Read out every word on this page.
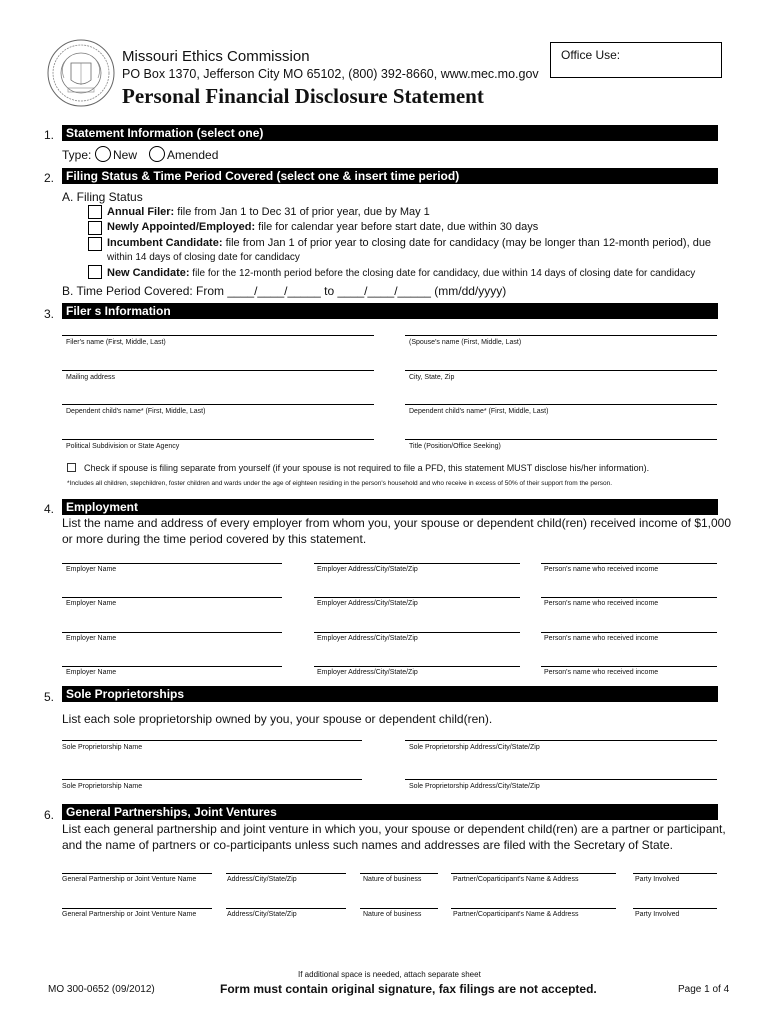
Missouri Ethics Commission
PO Box 1370, Jefferson City MO 65102, (800) 392-8660, www.mec.mo.gov
Personal Financial Disclosure Statement
Office Use:
1. Statement Information (select one)
Type: New Amended
2. Filing Status & Time Period Covered (select one & insert time period)
A. Filing Status
Annual Filer: file from Jan 1 to Dec 31 of prior year, due by May 1
Newly Appointed/Employed: file for calendar year before start date, due within 30 days
Incumbent Candidate: file from Jan 1 of prior year to closing date for candidacy (may be longer than 12-month period), due
within 14 days of closing date for candidacy
New Candidate: file for the 12-month period before the closing date for candidacy, due within 14 days of closing date for candidacy
B. Time Period Covered: From ____/____/_____ to ____/____/_____ (mm/dd/yyyy)
3. Filer s Information
Filer's name (First, Middle, Last)	(Spouse's name (First, Middle, Last)
Mailing address	City, State, Zip
Dependent child's name* (First, Middle, Last)	Dependent child's name* (First, Middle, Last)
Political Subdivision or State Agency	Title (Position/Office Seeking)
Check if spouse is filing separate from yourself (if your spouse is not required to file a PFD, this statement MUST disclose his/her information).
*Includes all children, stepchildren, foster children and wards under the age of eighteen residing in the person's household and who receive in excess of 50% of their support from the person.
4. Employment
List the name and address of every employer from whom you, your spouse or dependent child(ren) received income of $1,000
or more during the time period covered by this statement.
Employer Name	Employer Address/City/State/Zip	Person's name who received income
Employer Name	Employer Address/City/State/Zip	Person's name who received income
Employer Name	Employer Address/City/State/Zip	Person's name who received income
Employer Name	Employer Address/City/State/Zip	Person's name who received income
5. Sole Proprietorships
List each sole proprietorship owned by you, your spouse or dependent child(ren).
Sole Proprietorship Name	Sole Proprietorship Address/City/State/Zip
Sole Proprietorship Name	Sole Proprietorship Address/City/State/Zip
6. General Partnerships, Joint Ventures
List each general partnership and joint venture in which you, your spouse or dependent child(ren) are a partner or participant,
and the name of partners or co-participants unless such names and addresses are filed with the Secretary of State.
General Partnership or Joint Venture Name	Address/City/State/Zip	Nature of business	Partner/Coparticipant's Name & Address	Party Involved
General Partnership or Joint Venture Name	Address/City/State/Zip	Nature of business	Partner/Coparticipant's Name & Address	Party Involved
If additional space is needed, attach separate sheet
MO 300-0652 (09/2012)	Form must contain original signature, fax filings are not accepted.	Page 1 of 4
